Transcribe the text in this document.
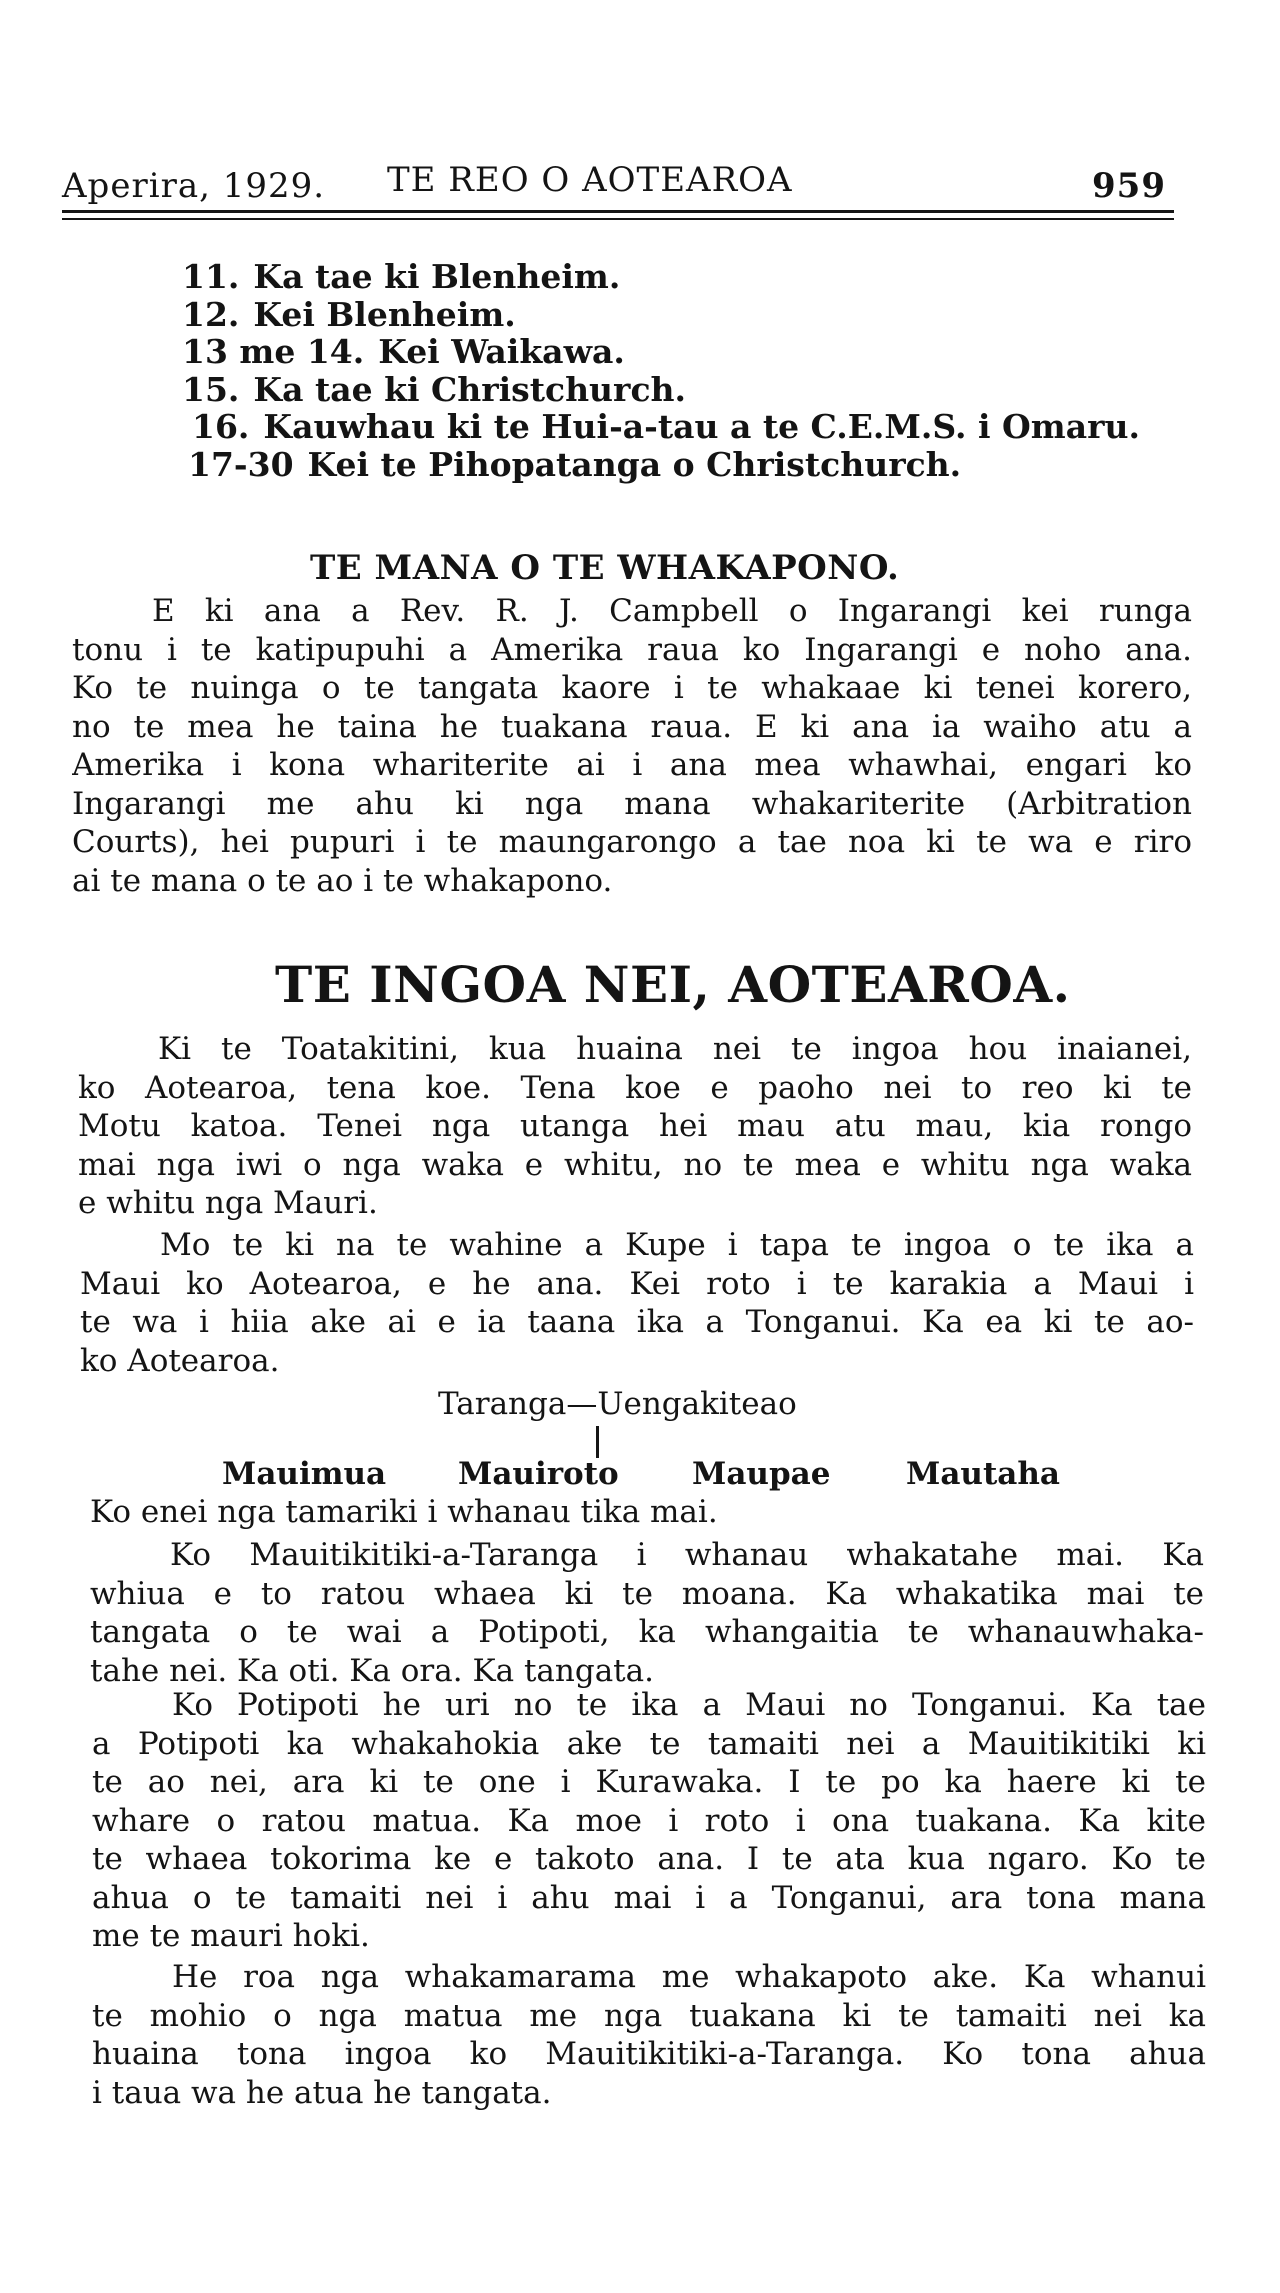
Aperira, 1929. TE REO O AOTEAROA	959
11. Ka tae ki Blenheim.
12. Kei Blenheim.
13 me 14. Kei Waikawa.
15. Ka tae ki Christchurch.
16. Kauwhau ki te Hui-a-tau a te C.E.M.S. i Omaru.
17-30 Kei te Pihopatanga o Christchurch.
TE MANA O TE WHAKAPONO.
E ki ana a Rev. R. J. Campbell o Ingarangi kei runga
tonu i te katipupuhi a Amerika raua ko Ingarangi e noho ana.
Ko te nuinga o te tangata kaore i te whakaae ki tenei korero,
no te mea he taina he tuakana raua. E ki ana ia waiho atu a
Amerika i kona whariterite ai i ana mea whawhai, engari ko
Ingarangi me ahu ki nga mana whakariterite (Arbitration
Courts), hei pupuri i te maungarongo a tae noa ki te wa e riro
ai te mana o te ao i te whakapono.
TE INGOA NEI, AOTEAROA.
Ki te Toatakitini, kua huaina nei te ingoa hou inaianei,
ko Aotearoa, tena koe. Tena koe e paoho nei to reo ki te
Motu katoa. Tenei nga utanga hei mau atu mau, kia rongo
mai nga iwi o nga waka e whitu, no te mea e whitu nga waka
e whitu nga Mauri.
Mo te ki na te wahine a Kupe i tapa te ingoa o te ika a
Maui ko Aotearoa, e he ana. Kei roto i te karakia a Maui i
te wa i hiia ake ai e ia taana ika a Tonganui. Ka ea ki te ao-
ko Aotearoa.
Taranga—Uengakiteao
Mauimua Mauiroto Maupae Mautaha
Ko enei nga tamariki i whanau tika mai.
Ko Mauitikitiki-a-Taranga i whanau whakatahe mai. Ka
whiua e to ratou whaea ki te moana. Ka whakatika mai te
tangata o te wai a Potipoti, ka whangaitia te whanauwhaka-
tahe nei. Ka oti. Ka ora. Ka tangata.
Ko Potipoti he uri no te ika a Maui no Tonganui. Ka tae
a Potipoti ka whakahokia ake te tamaiti nei a Mauitikitiki ki
te ao nei, ara ki te one i Kurawaka. I te po ka haere ki te
whare o ratou matua. Ka moe i roto i ona tuakana. Ka kite
te whaea tokorima ke e takoto ana. I te ata kua ngaro. Ko te
ahua o te tamaiti nei i ahu mai i a Tonganui, ara tona mana
me te mauri hoki.
He roa nga whakamarama me whakapoto ake. Ka whanui
te mohio o nga matua me nga tuakana ki te tamaiti nei ka
huaina tona ingoa ko Mauitikitiki-a-Taranga. Ko tona ahua
i taua wa he atua he tangata.
